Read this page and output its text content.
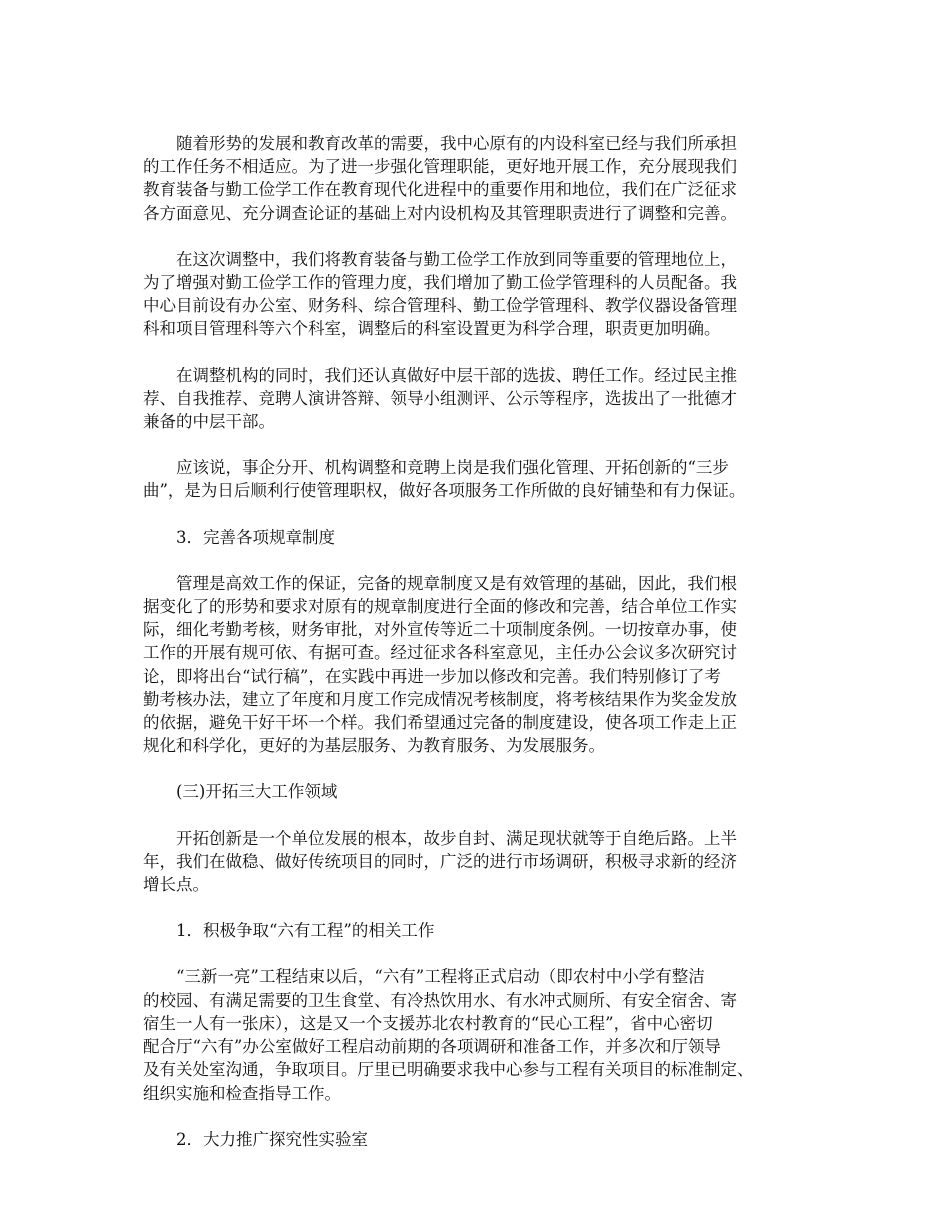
随着形势的发展和教育改革的需要，我中心原有的内设科室已经与我们所承担
的工作任务不相适应。为了进一步强化管理职能，更好地开展工作，充分展现我们
教育装备与勤工俭学工作在教育现代化进程中的重要作用和地位，我们在广泛征求
各方面意见、充分调查论证的基础上对内设机构及其管理职责进行了调整和完善。

在这次调整中，我们将教育装备与勤工俭学工作放到同等重要的管理地位上，
为了增强对勤工俭学工作的管理力度，我们增加了勤工俭学管理科的人员配备。我
中心目前设有办公室、财务科、综合管理科、勤工俭学管理科、教学仪器设备管理
科和项目管理科等六个科室，调整后的科室设置更为科学合理，职责更加明确。

在调整机构的同时，我们还认真做好中层干部的选拔、聘任工作。经过民主推
荐、自我推荐、竞聘人演讲答辩、领导小组测评、公示等程序，选拔出了一批德才
兼备的中层干部。

应该说，事企分开、机构调整和竞聘上岗是我们强化管理、开拓创新的“三步
曲”，是为日后顺利行使管理职权，做好各项服务工作所做的良好铺垫和有力保证。

3．完善各项规章制度

管理是高效工作的保证，完备的规章制度又是有效管理的基础，因此，我们根
据变化了的形势和要求对原有的规章制度进行全面的修改和完善，结合单位工作实
际，细化考勤考核，财务审批，对外宣传等近二十项制度条例。一切按章办事，使
工作的开展有规可依、有据可查。经过征求各科室意见，主任办公会议多次研究讨
论，即将出台“试行稿”，在实践中再进一步加以修改和完善。我们特别修订了考
勤考核办法，建立了年度和月度工作完成情况考核制度，将考核结果作为奖金发放
的依据，避免干好干坏一个样。我们希望通过完备的制度建设，使各项工作走上正
规化和科学化，更好的为基层服务、为教育服务、为发展服务。

(三)开拓三大工作领域

开拓创新是一个单位发展的根本，故步自封、满足现状就等于自绝后路。上半
年，我们在做稳、做好传统项目的同时，广泛的进行市场调研，积极寻求新的经济
增长点。

1．积极争取“六有工程”的相关工作

“三新一亮”工程结束以后，“六有”工程将正式启动（即农村中小学有整洁
的校园、有满足需要的卫生食堂、有冷热饮用水、有水冲式厕所、有安全宿舍、寄
宿生一人有一张床），这是又一个支援苏北农村教育的“民心工程”，省中心密切
配合厅“六有”办公室做好工程启动前期的各项调研和准备工作，并多次和厅领导
及有关处室沟通，争取项目。厅里已明确要求我中心参与工程有关项目的标准制定、
组织实施和检查指导工作。

2．大力推广探究性实验室
